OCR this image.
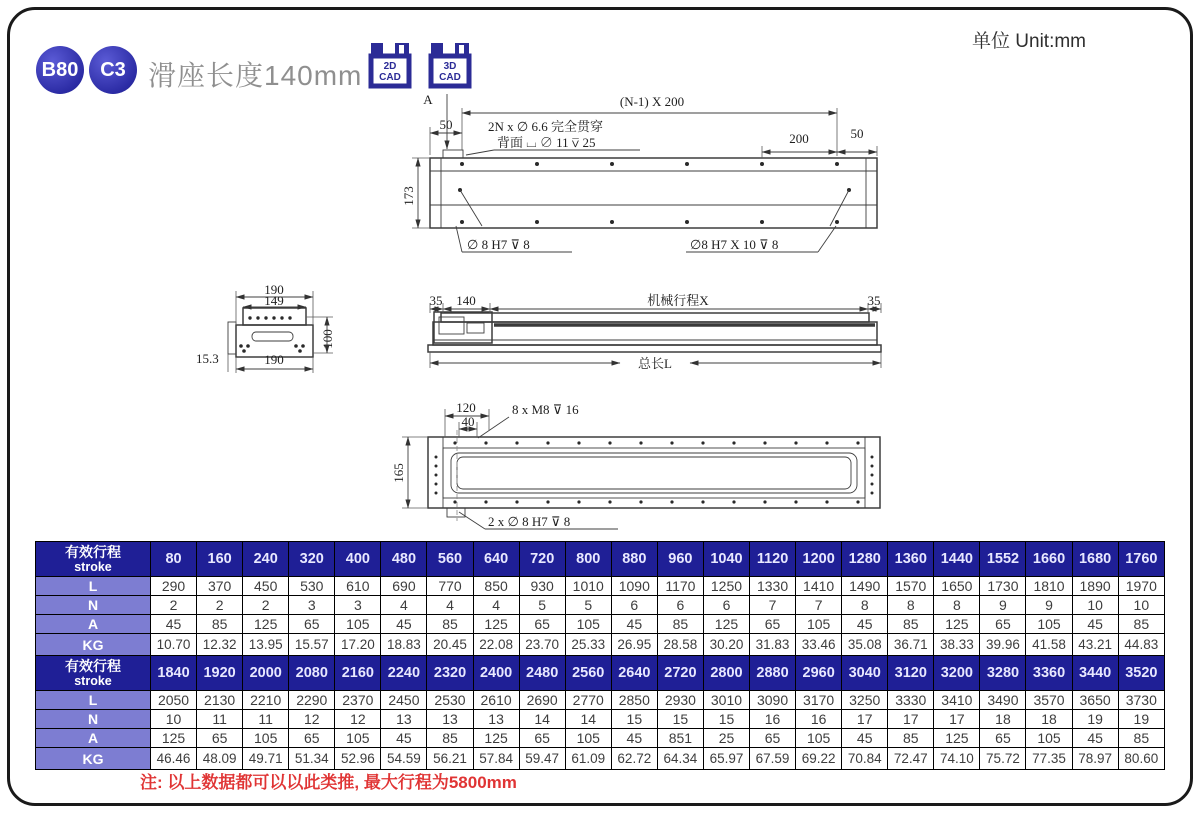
B80	C3 滑座长度140mm
单位 Unit:mm
2D
CAD
3D
CAD
A	(N-1) X 200
50	2N x ∅ 6.6 完全贯穿
背面 ⌴ ∅ 11 ⊽ 25	200	50
173
∅ 8 H7 ⊽ 8	∅8 H7 X 10 ⊽ 8
190
149
100
15.3	190
35 140	机械行程X	35
总长L
120
40
8 x M8 ⊽ 16
165
2 x ∅ 8 H7 ⊽ 8
有效行程
stroke	80	160	240	320	400	480	560	640	720	800	880	960	1040	1120	1200	1280	1360	1440	1552	1660	1680	1760
L	290	370	450	530	610	690	770	850	930	1010	1090	1170	1250	1330	1410	1490	1570	1650	1730	1810	1890	1970
N	2	2	2	3	3	4	4	4	5	5	6	6	6	7	7	8	8	8	9	9	10	10
A	45	85	125	65	105	45	85	125	65	105	45	85	125	65	105	45	85	125	65	105	45	85
KG	10.70	12.32	13.95	15.57	17.20	18.83	20.45	22.08	23.70	25.33	26.95	28.58	30.20	31.83	33.46	35.08	36.71	38.33	39.96	41.58	43.21	44.83

有效行程
stroke	1840	1920	2000	2080	2160	2240	2320	2400	2480	2560	2640	2720	2800	2880	2960	3040	3120	3200	3280	3360	3440	3520
L	2050	2130	2210	2290	2370	2450	2530	2610	2690	2770	2850	2930	3010	3090	3170	3250	3330	3410	3490	3570	3650	3730
N	10	11	11	12	12	13	13	13	14	14	15	15	15	16	16	17	17	17	18	18	19	19
A	125	65	105	65	105	45	85	125	65	105	45	851	25	65	105	45	85	125	65	105	45	85
KG	46.46	48.09	49.71	51.34	52.96	54.59	56.21	57.84	59.47	61.09	62.72	64.34	65.97	67.59	69.22	70.84	72.47	74.10	75.72	77.35	78.97	80.60
注: 以上数据都可以以此类推, 最大行程为5800mm
